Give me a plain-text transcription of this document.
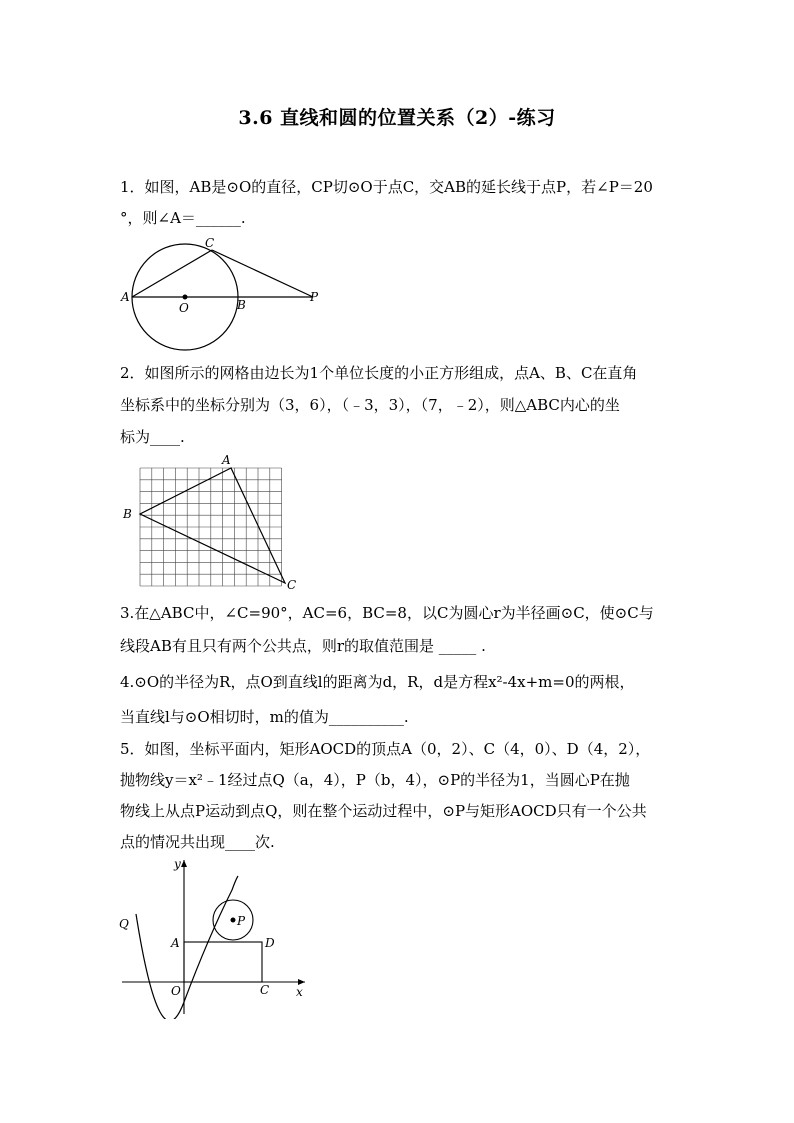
3.6 直线和圆的位置关系（2）-练习
1．如图，AB是⊙O的直径，CP切⊙O于点C，交AB的延长线于点P，若∠P＝20
°，则∠A＝______.
A
C
O	B
P
2．如图所示的网格由边长为1个单位长度的小正方形组成，点A、B、C在直角
坐标系中的坐标分别为（3，6），（﹣3，3），（7，﹣2），则△ABC内心的坐
标为____.
A
B
C
3.在△ABC中，∠C=90°，AC=6，BC=8，以C为圆心r为半径画⊙C，使⊙C与
线段AB有且只有两个公共点，则r的取值范围是 _____ .
4.⊙O的半径为R，点O到直线l的距离为d，R，d是方程x²-4x+m=0的两根，
当直线l与⊙O相切时，m的值为__________.
5．如图，坐标平面内，矩形AOCD的顶点A（0，2）、C（4，0）、D（4，2），
抛物线y＝x²﹣1经过点Q（a，4），P（b，4），⊙P的半径为1，当圆心P在抛
物线上从点P运动到点Q，则在整个运动过程中，⊙P与矩形AOCD只有一个公共
点的情况共出现____次.
y
Q	P
A	D
O	C x
